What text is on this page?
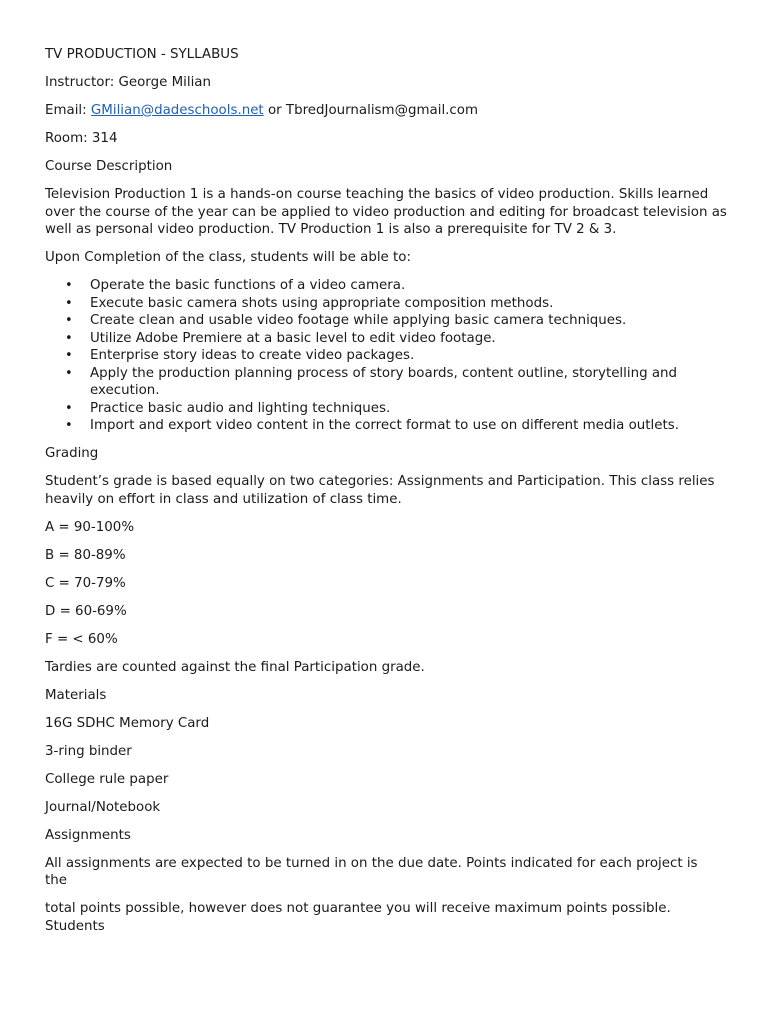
TV PRODUCTION - SYLLABUS

Instructor: George Milian

Email: GMilian@dadeschools.net or TbredJournalism@gmail.com

Room: 314

Course Description

Television Production 1 is a hands-on course teaching the basics of video production. Skills learned over the course of the year can be applied to video production and editing for broadcast television as well as personal video production. TV Production 1 is also a prerequisite for TV 2 & 3.

Upon Completion of the class, students will be able to:

• Operate the basic functions of a video camera.
• Execute basic camera shots using appropriate composition methods.
• Create clean and usable video footage while applying basic camera techniques.
• Utilize Adobe Premiere at a basic level to edit video footage.
• Enterprise story ideas to create video packages.
• Apply the production planning process of story boards, content outline, storytelling and execution.
• Practice basic audio and lighting techniques.
• Import and export video content in the correct format to use on different media outlets.

Grading

Student’s grade is based equally on two categories: Assignments and Participation. This class relies heavily on effort in class and utilization of class time.

A = 90-100%

B = 80-89%

C = 70-79%

D = 60-69%

F = < 60%

Tardies are counted against the final Participation grade.

Materials

16G SDHC Memory Card

3-ring binder

College rule paper

Journal/Notebook

Assignments

All assignments are expected to be turned in on the due date. Points indicated for each project is
the

total points possible, however does not guarantee you will receive maximum points possible.
Students
